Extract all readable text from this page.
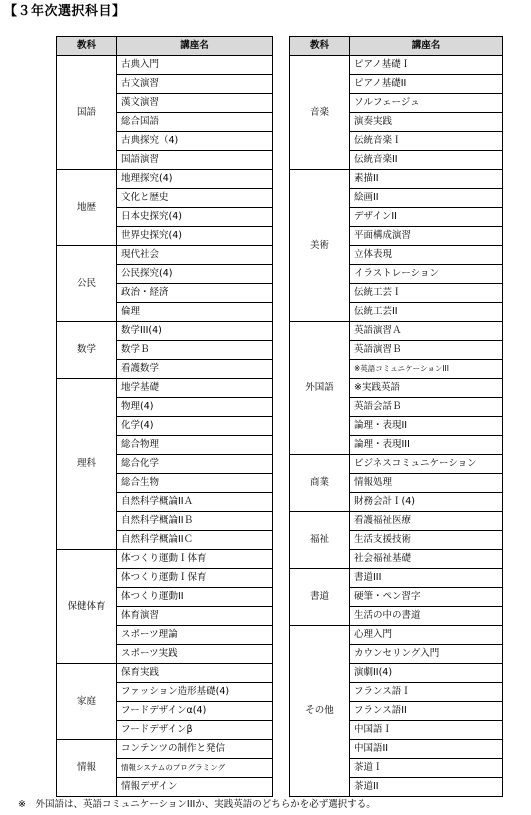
【３年次選択科目】
教科	講座名
国語	古典入門
	古文演習
	漢文演習
	総合国語
	古典探究（4)
	国語演習
地歴	地理探究(4)
	文化と歴史
	日本史探究(4)
	世界史探究(4)
公民	現代社会
	公民探究(4)
	政治・経済
	倫理
数学	数学III(4)
	数学Ｂ
	看護数学
理科	地学基礎
	物理(4)
	化学(4)
	総合物理
	総合化学
	総合生物
	自然科学概論IIＡ
	自然科学概論IIＢ
	自然科学概論IIＣ
保健体育	体つくり運動Ｉ体育
	体つくり運動Ｉ保育
	体つくり運動II
	体育演習
	スポーツ理論
	スポーツ実践
家庭	保育実践
	ファッション造形基礎(4)
	フードデザインα(4)
	フードデザインβ
情報	コンテンツの制作と発信
	情報システムのプログラミング
	情報デザイン
教科	講座名
音楽	ピアノ基礎Ｉ
	ピアノ基礎II
	ソルフェージュ
	演奏実践
	伝統音楽Ｉ
	伝統音楽II
美術	素描II
	絵画II
	デザインII
	平面構成演習
	立体表現
	イラストレーション
	伝統工芸Ｉ
	伝統工芸II
外国語	英語演習Ａ
	英語演習Ｂ
	※英語コミュニケーションIII
	※実践英語
	英語会話Ｂ
	論理・表現II
	論理・表現III
商業	ビジネスコミュニケーション
	情報処理
	財務会計Ｉ(4)
福祉	看護福祉医療
	生活支援技術
	社会福祉基礎
書道	書道III
	硬筆・ペン習字
	生活の中の書道
その他	心理入門
	カウンセリング入門
	演劇II(4)
	フランス語Ｉ
	フランス語II
	中国語Ｉ
	中国語II
	茶道Ｉ
	茶道II
※　外国語は、英語コミュニケーションIIIか、実践英語のどちらかを必ず選択する。
